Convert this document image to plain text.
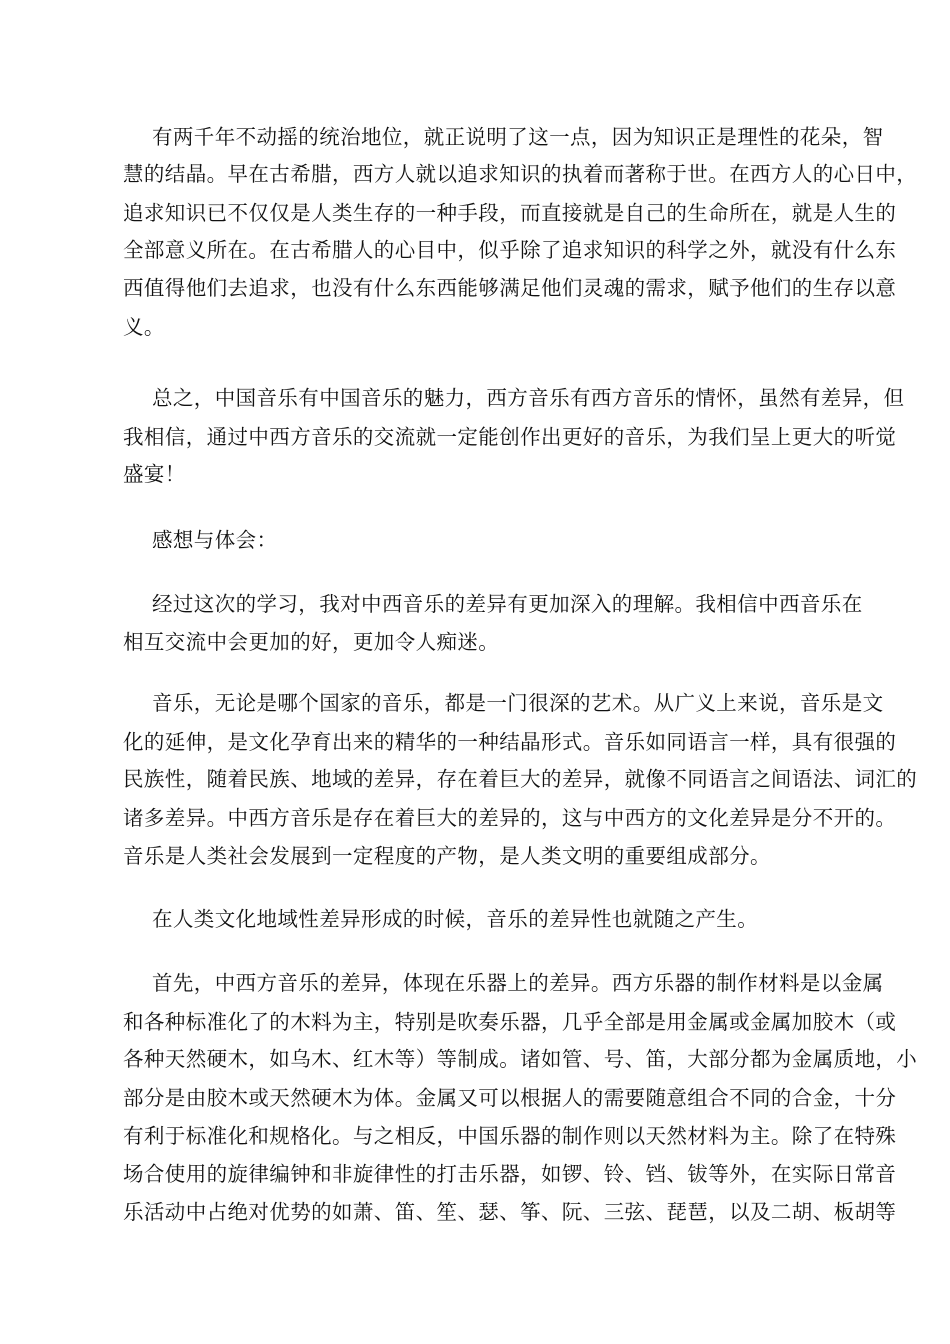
有两千年不动摇的统治地位，就正说明了这一点，因为知识正是理性的花朵，智
慧的结晶。早在古希腊，西方人就以追求知识的执着而著称于世。在西方人的心日中，
追求知识已不仅仅是人类生存的一种手段，而直接就是自己的生命所在，就是人生的
全部意义所在。在古希腊人的心目中，似乎除了追求知识的科学之外，就没有什么东
西值得他们去追求，也没有什么东西能够满足他们灵魂的需求，赋予他们的生存以意
义。
总之，中国音乐有中国音乐的魅力，西方音乐有西方音乐的情怀，虽然有差异，但
我相信，通过中西方音乐的交流就一定能创作出更好的音乐，为我们呈上更大的听觉
盛宴！
感想与体会：
经过这次的学习，我对中西音乐的差异有更加深入的理解。我相信中西音乐在
相互交流中会更加的好，更加令人痴迷。
音乐，无论是哪个国家的音乐，都是一门很深的艺术。从广义上来说，音乐是文
化的延伸，是文化孕育出来的精华的一种结晶形式。音乐如同语言一样，具有很强的
民族性，随着民族、地域的差异，存在着巨大的差异，就像不同语言之间语法、词汇的
诸多差异。中西方音乐是存在着巨大的差异的，这与中西方的文化差异是分不开的。
音乐是人类社会发展到一定程度的产物，是人类文明的重要组成部分。
在人类文化地域性差异形成的时候，音乐的差异性也就随之产生。
首先，中西方音乐的差异，体现在乐器上的差异。西方乐器的制作材料是以金属
和各种标准化了的木料为主，特别是吹奏乐器，几乎全部是用金属或金属加胶木（或
各种天然硬木，如乌木、红木等）等制成。诸如管、号、笛，大部分都为金属质地，小
部分是由胶木或天然硬木为体。金属又可以根据人的需要随意组合不同的合金，十分
有利于标准化和规格化。与之相反，中国乐器的制作则以天然材料为主。除了在特殊
场合使用的旋律编钟和非旋律性的打击乐器，如锣、铃、铛、钹等外，在实际日常音
乐活动中占绝对优势的如萧、笛、笙、瑟、筝、阮、三弦、琵琶，以及二胡、板胡等
